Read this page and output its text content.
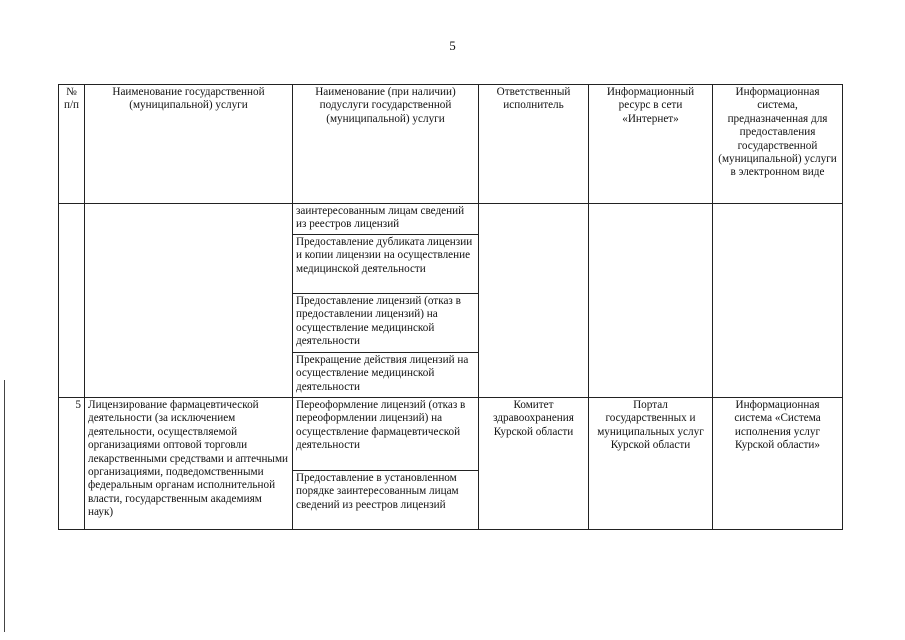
5
№ п/п	Наименование государственной (муниципальной) услуги	Наименование (при наличии) подуслуги государственной (муниципальной) услуги	Ответственный исполнитель	Информационный ресурс в сети «Интернет»	Информационная система, предназначенная для предоставления государственной (муниципальной) услуги в электронном виде
		заинтересованным лицам сведений из реестров лицензий			
		Предоставление дубликата лицензии и копии лицензии на осуществление медицинской деятельности			
		Предоставление лицензий (отказ в предоставлении лицензий) на осуществление медицинской деятельности			
		Прекращение действия лицензий на осуществление медицинской деятельности			
5	Лицензирование фармацевтической деятельности (за исключением деятельности, осуществляемой организациями оптовой торговли лекарственными средствами и аптечными организациями, подведомственными федеральным органам исполнительной власти, государственным академиям наук)	Переоформление лицензий (отказ в переоформлении лицензий) на осуществление фармацевтической деятельности	Комитет здравоохранения Курской области	Портал государственных и муниципальных услуг Курской области	Информационная система «Система исполнения услуг Курской области»
		Предоставление в установленном порядке заинтересованным лицам сведений из реестров лицензий			
